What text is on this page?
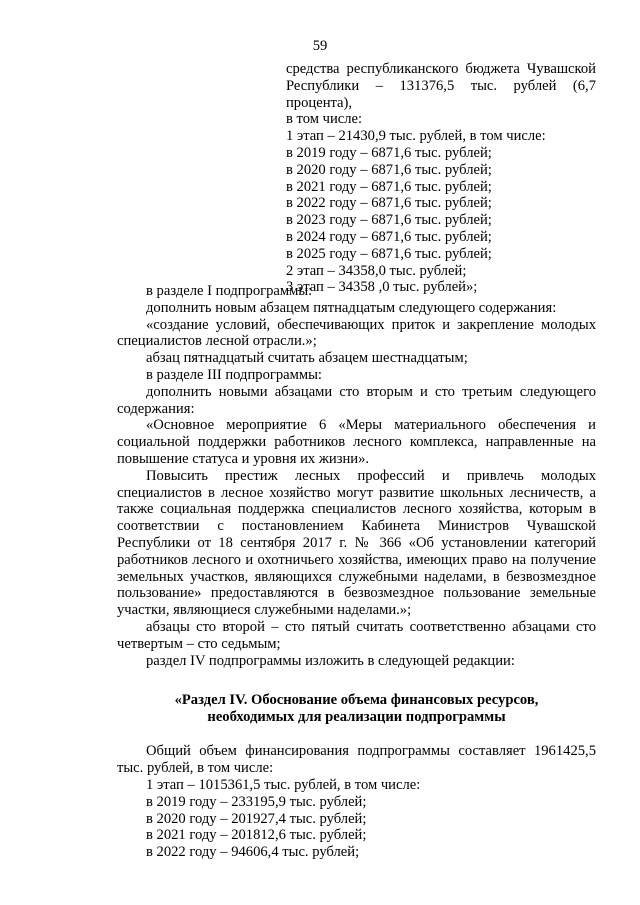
59
средства республиканского бюджета Чувашской
Республики – 131376,5 тыс. рублей (6,7 процента),
в том числе:
1 этап – 21430,9 тыс. рублей, в том числе:
в 2019 году – 6871,6 тыс. рублей;
в 2020 году – 6871,6 тыс. рублей;
в 2021 году – 6871,6 тыс. рублей;
в 2022 году – 6871,6 тыс. рублей;
в 2023 году – 6871,6 тыс. рублей;
в 2024 году – 6871,6 тыс. рублей;
в 2025 году – 6871,6 тыс. рублей;
2 этап – 34358,0 тыс. рублей;
3 этап – 34358 ,0 тыс. рублей»;
в разделе I подпрограммы:
дополнить новым абзацем пятнадцатым следующего содержания:
«создание условий, обеспечивающих приток и закрепление молодых специалистов лесной отрасли.»;
абзац пятнадцатый считать абзацем шестнадцатым;
в разделе III подпрограммы:
дополнить новыми абзацами сто вторым и сто третьим следующего содержания:
«Основное мероприятие 6 «Меры материального обеспечения и социальной поддержки работников лесного комплекса, направленные на повышение статуса и уровня их жизни».
Повысить престиж лесных профессий и привлечь молодых специалистов в лесное хозяйство могут развитие школьных лесничеств, а также социальная поддержка специалистов лесного хозяйства, которым в соответствии с постановлением Кабинета Министров Чувашской Республики от 18 сентября 2017 г. № 366 «Об установлении категорий работников лесного и охотничьего хозяйства, имеющих право на получение земельных участков, являющихся служебными наделами, в безвозмездное пользование» предоставляются в безвозмездное пользование земельные участки, являющиеся служебными наделами.»;
абзацы сто второй – сто пятый считать соответственно абзацами сто четвертым – сто седьмым;
раздел IV подпрограммы изложить в следующей редакции:
«Раздел IV. Обоснование объема финансовых ресурсов,
необходимых для реализации подпрограммы
Общий объем финансирования подпрограммы составляет 1961425,5 тыс. рублей, в том числе:
1 этап – 1015361,5 тыс. рублей, в том числе:
в 2019 году – 233195,9 тыс. рублей;
в 2020 году – 201927,4 тыс. рублей;
в 2021 году – 201812,6 тыс. рублей;
в 2022 году – 94606,4 тыс. рублей;
